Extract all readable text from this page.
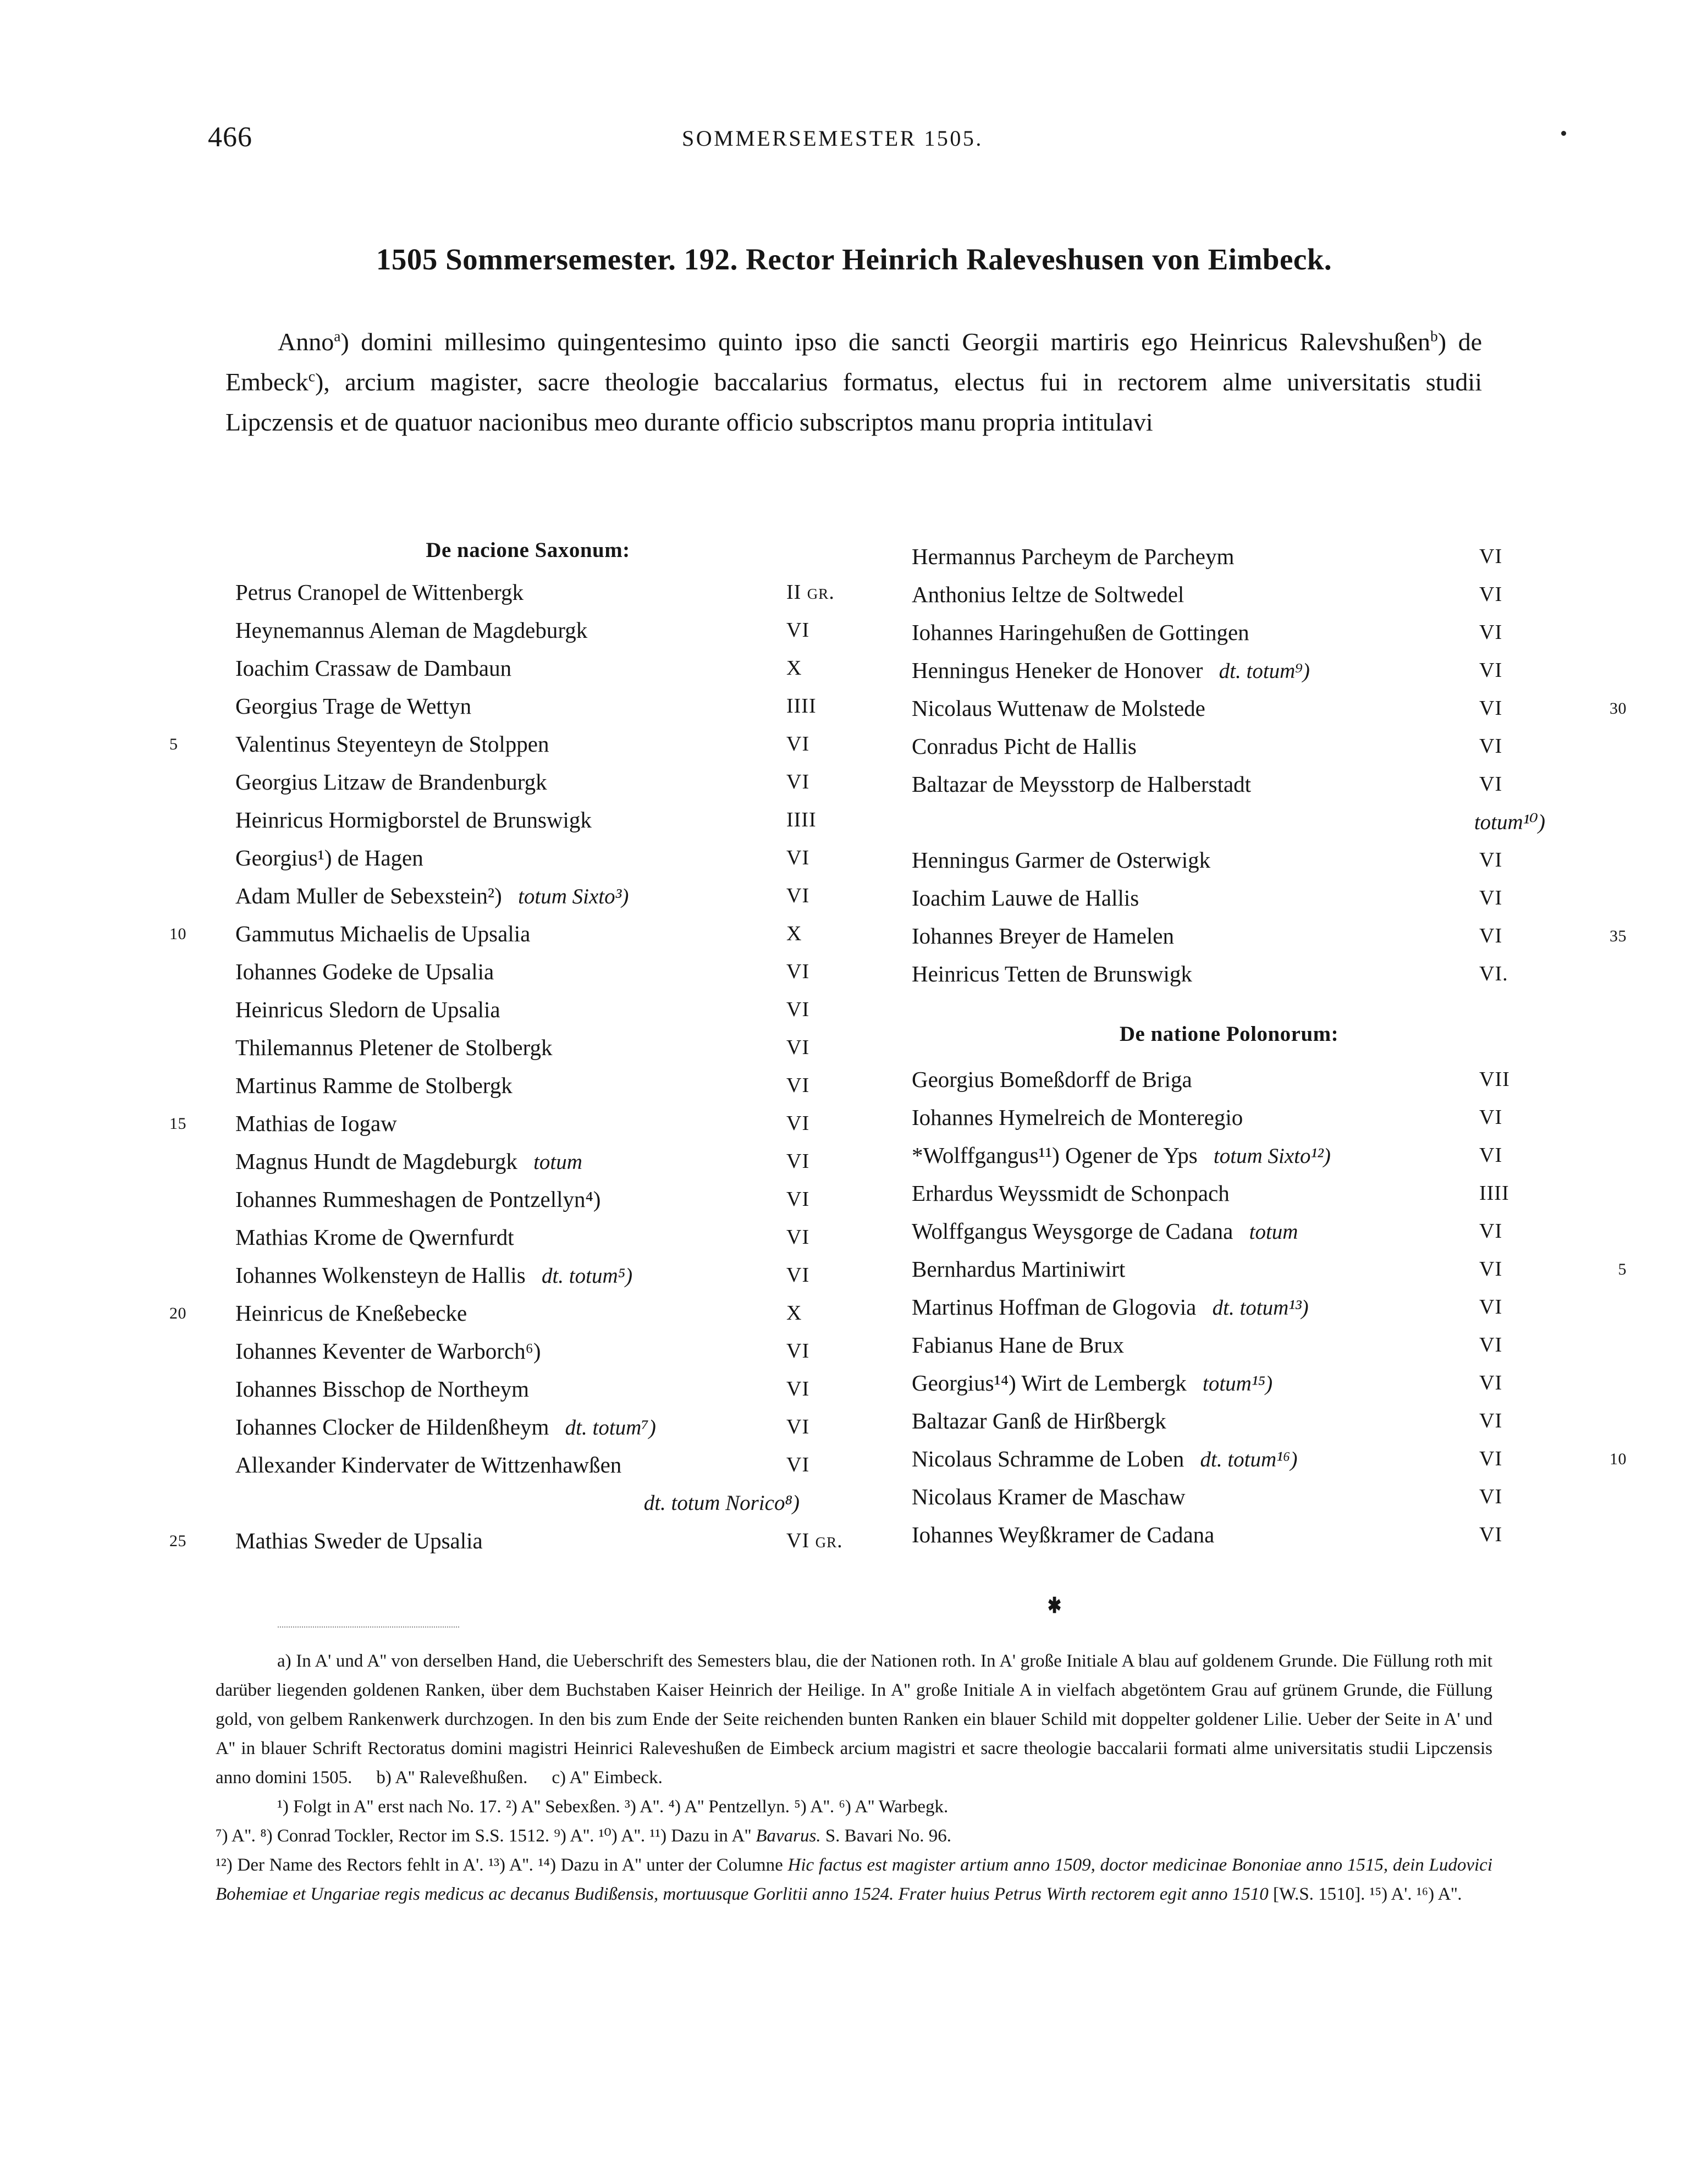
466	SOMMERSEMESTER 1505.
1505 Sommersemester. 192. Rector Heinrich Raleveshusen von Eimbeck.

Anno$^a$) domini millesimo quingentesimo quinto ipso die sancti Georgii martiris ego Heinricus Ralevshußen$^b$) de Embeck$^c$), arcium magister, sacre theologie baccalarius formatus, electus fui in rectorem alme universitatis studii Lipczensis et de quatuor nacionibus meo durante officio subscriptos manu propria intitulavi

De nacione Saxonum:
Petrus Cranopel de Wittenbergk	II gr.
Heynemannus Aleman de Magdeburgk	VI
Ioachim Crassaw de Dambaun	X
Georgius Trage de Wettyn	IIII
5	Valentinus Steyenteyn de Stolppen	VI
Georgius Litzaw de Brandenburgk	VI
Heinricus Hormigborstel de Brunswigk	IIII
Georgius¹) de Hagen	VI
Adam Muller de Sebexstein²)   totum Sixto³)	VI
10 Gammutus Michaelis de Upsalia	X
Iohannes Godeke de Upsalia	VI
Heinricus Sledorn de Upsalia	VI
Thilemannus Pletener de Stolbergk	VI
Martinus Ramme de Stolbergk	VI
15 Mathias de Iogaw	VI
Magnus Hundt de Magdeburgk   totum	VI
Iohannes Rummeshagen de Pontzellyn⁴)	VI
Mathias Krome de Qwernfurdt	VI
Iohannes Wolkensteyn de Hallis   dt. totum⁵)	VI
20 Heinricus de Kneßebecke	X
Iohannes Keventer de Warborch⁶)	VI
Iohannes Bisschop de Northeym	VI
Iohannes Clocker de Hildenßheym   dt. totum⁷)	VI
Allexander Kindervater de Wittzenhawßen	VI
dt. totum Norico⁸)
25 Mathias Sweder de Upsalia	VI gr.
Hermannus Parcheym de Parcheym	VI
Anthonius Ieltze de Soltwedel	VI
Iohannes Haringehußen de Gottingen	VI
Henningus Heneker de Honover   dt. totum⁹)	VI
30
Nicolaus Wuttenaw de Molstede	VI
Conradus Picht de Hallis	VI
Baltazar de Meysstorp de Halberstadt	VI
totum¹⁰)
Henningus Garmer de Osterwigk	VI
Ioachim Lauwe de Hallis	VI
35
Iohannes Breyer de Hamelen	VI
Heinricus Tetten de Brunswigk	VI.
De natione Polonorum:
Georgius Bomeßdorff de Briga	VII
Iohannes Hymelreich de Monteregio	VI
*Wolffgangus¹¹) Ogener de Yps   totum Sixto¹²)	VI
Erhardus Weyssmidt de Schonpach	IIII
Wolffgangus Weysgorge de Cadana   totum	VI
5
Bernhardus Martiniwirt	VI
Martinus Hoffman de Glogovia   dt. totum¹³)	VI
Fabianus Hane de Brux	VI
Georgius¹⁴) Wirt de Lembergk   totum¹⁵)	VI
Baltazar Ganß de Hirßbergk	VI
10
Nicolaus Schramme de Loben   dt. totum¹⁶)	VI
Nicolaus Kramer de Maschaw	VI
Iohannes Weyßkramer de Cadana	VI
✱

a) In A' und A'' von derselben Hand, die Ueberschrift des Semesters blau, die der Nationen roth. In A' große Initiale A blau auf goldenem Grunde. Die Füllung roth mit darüber liegenden goldenen Ranken, über dem Buchstaben Kaiser Heinrich der Heilige. In A'' große Initiale A in vielfach abgetöntem Grau auf grünem Grunde, die Füllung gold, von gelbem Rankenwerk durchzogen. In den bis zum Ende der Seite reichenden bunten Ranken ein blauer Schild mit doppelter goldener Lilie. Ueber der Seite in A' und A'' in blauer Schrift Rectoratus domini magistri Heinrici Raleveshußen de Eimbeck arcium magistri et sacre theologie baccalarii formati alme universitatis studii Lipczensis anno domini 1505. b) A'' Raleveßhußen. c) A'' Eimbeck.

¹) Folgt in A'' erst nach No. 17. ²) A'' Sebexßen. ³) A''. ⁴) A'' Pentzellyn. ⁵) A''. ⁶) A'' Warbegk.

⁷) A''. ⁸) Conrad Tockler, Rector im S.S. 1512. ⁹) A''. ¹⁰) A''. ¹¹) Dazu in A'' Bavarus. S. Bavari No. 96.

¹²) Der Name des Rectors fehlt in A'. ¹³) A''. ¹⁴) Dazu in A'' unter der Columne Hic factus est magister artium anno 1509, doctor medicinae Bononiae anno 1515, dein Ludovici Bohemiae et Ungariae regis medicus ac decanus Budißensis, mortuusque Gorlitii anno 1524. Frater huius Petrus Wirth rectorem egit anno 1510 [W.S. 1510]. ¹⁵) A'. ¹⁶) A''.
